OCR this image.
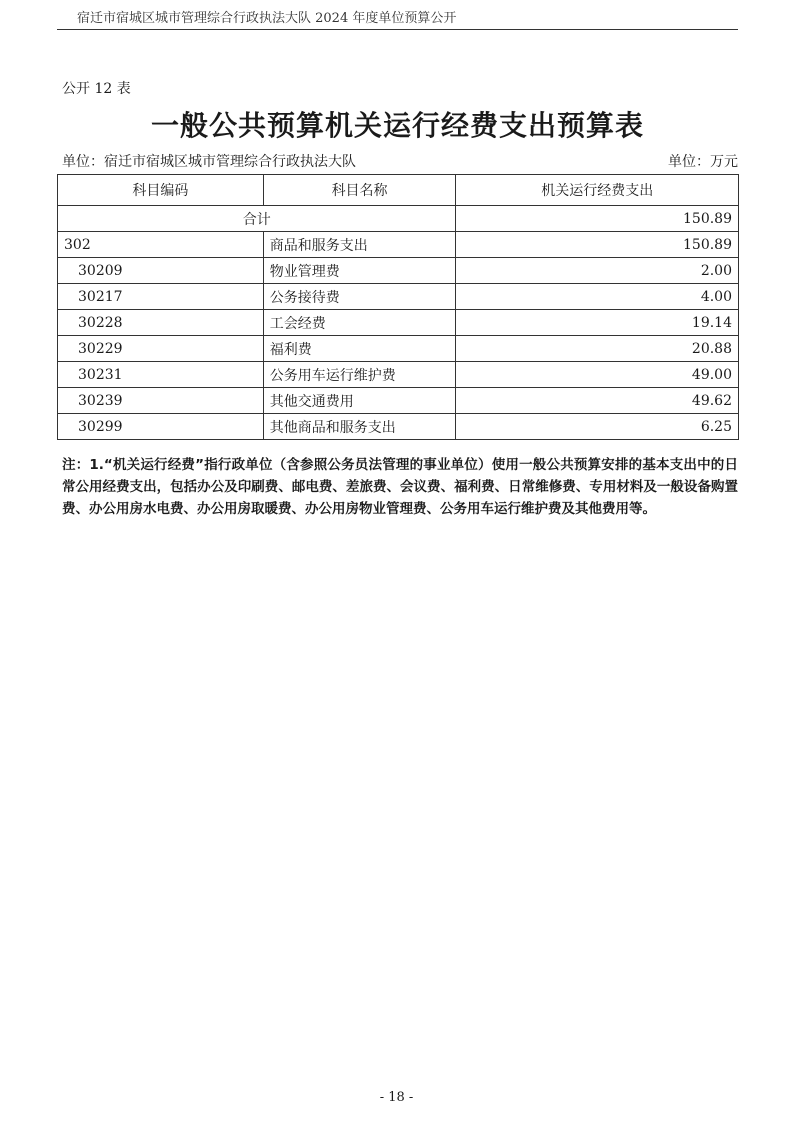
宿迁市宿城区城市管理综合行政执法大队 2024 年度单位预算公开
公开 12 表
一般公共预算机关运行经费支出预算表
单位：宿迁市宿城区城市管理综合行政执法大队	单位：万元
科目编码	科目名称	机关运行经费支出
合计		150.89
302	商品和服务支出	150.89
30209	物业管理费	2.00
30217	公务接待费	4.00
30228	工会经费	19.14
30229	福利费	20.88
30231	公务用车运行维护费	49.00
30239	其他交通费用	49.62
30299	其他商品和服务支出	6.25
注：1.“机关运行经费”指行政单位（含参照公务员法管理的事业单位）使用一般公共预算安排的基本支出中的日常公用经费支出，包括办公及印刷费、邮电费、差旅费、会议费、福利费、日常维修费、专用材料及一般设备购置费、办公用房水电费、办公用房取暖费、办公用房物业管理费、公务用车运行维护费及其他费用等。
- 18 -
